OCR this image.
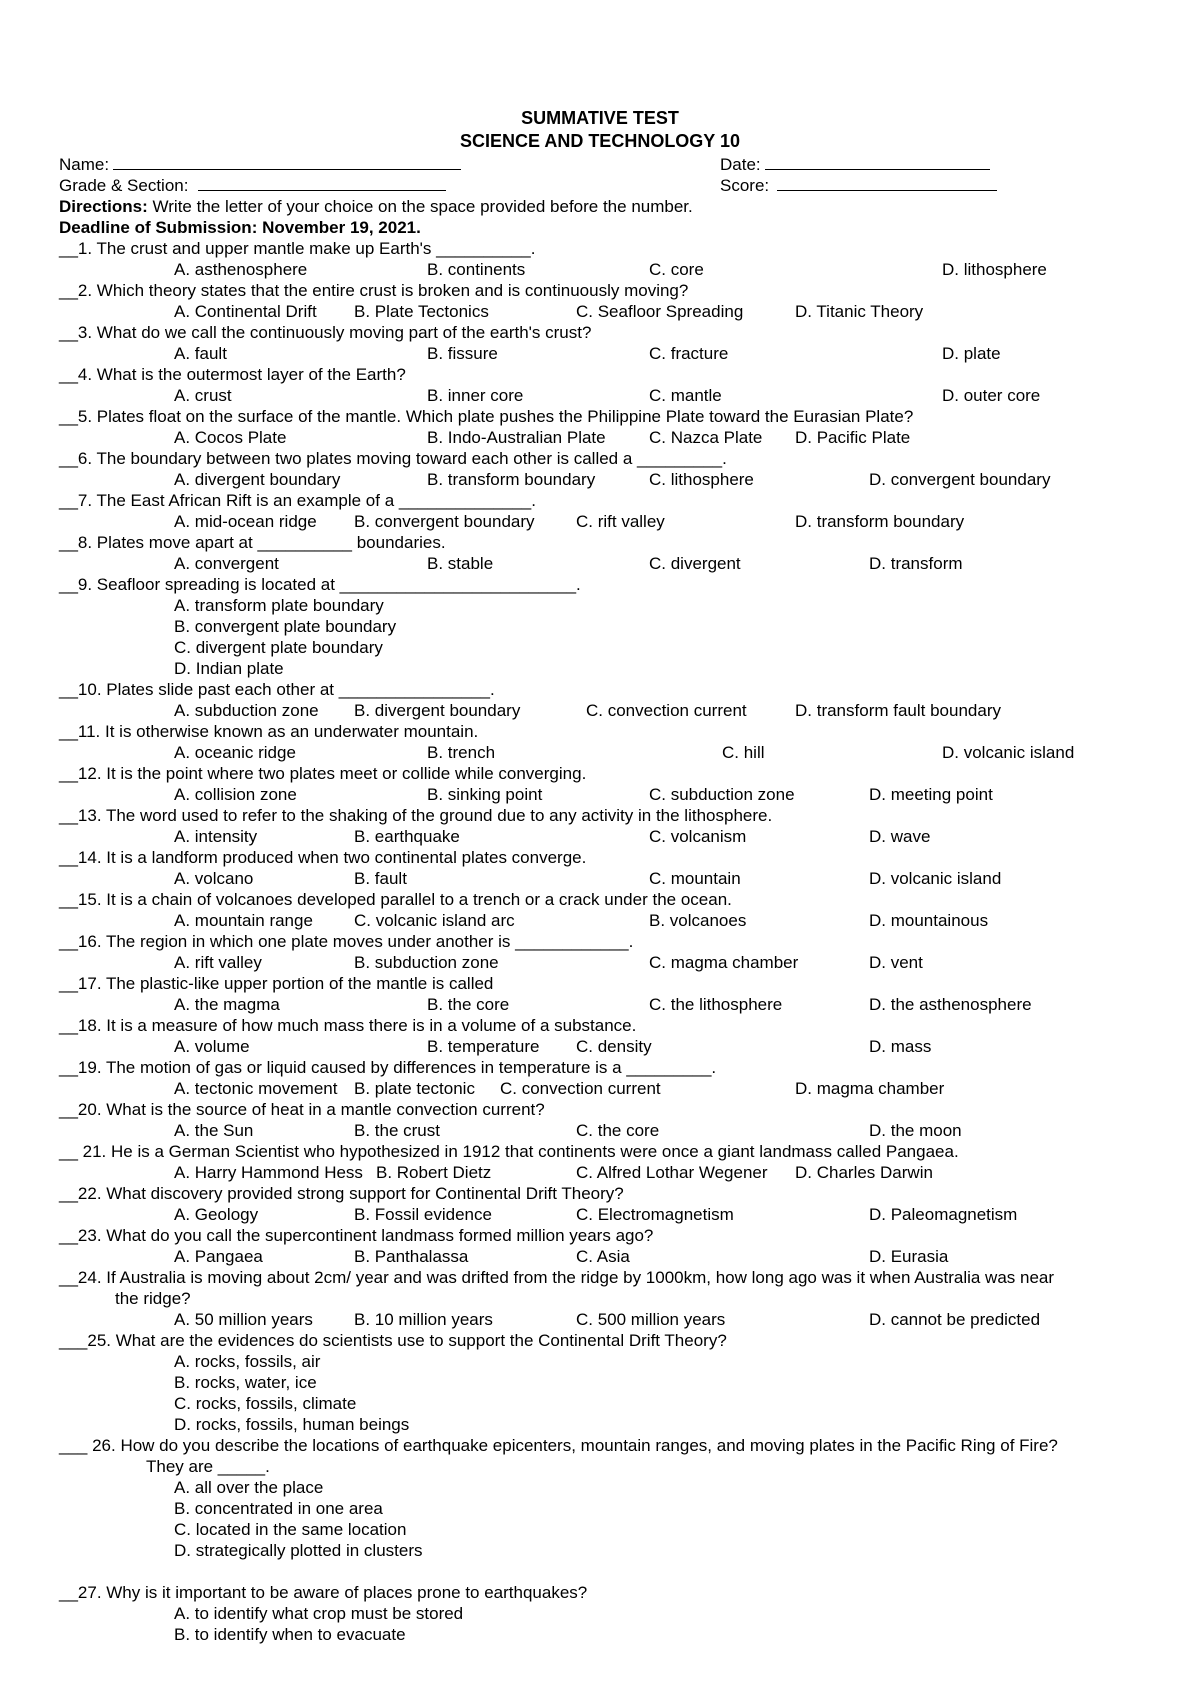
SUMMATIVE TEST
SCIENCE AND TECHNOLOGY 10
Name:	Date:
Grade & Section:	Score:
Directions: Write the letter of your choice on the space provided before the number.
Deadline of Submission: November 19, 2021.
__1. The crust and upper mantle make up Earth's __________.
A. asthenosphere	B. continents	C. core	D. lithosphere
__2. Which theory states that the entire crust is broken and is continuously moving?
A. Continental Drift B. Plate Tectonics	C. Seafloor Spreading	D. Titanic Theory
__3. What do we call the continuously moving part of the earth's crust?
A. fault	B. fissure	C. fracture	D. plate
__4. What is the outermost layer of the Earth?
A. crust	B. inner core	C. mantle	D. outer core
__5. Plates float on the surface of the mantle. Which plate pushes the Philippine Plate toward the Eurasian Plate?
A. Cocos Plate	B. Indo-Australian Plate	C. Nazca Plate D. Pacific Plate
__6. The boundary between two plates moving toward each other is called a _________.
A. divergent boundary	B. transform boundary	C. lithosphere	D. convergent boundary
__7. The East African Rift is an example of a ______________.
A. mid-ocean ridge B. convergent boundary C. rift valley	D. transform boundary
__8. Plates move apart at __________ boundaries.
A. convergent	B. stable	C. divergent	D. transform
__9. Seafloor spreading is located at _________________________.
A. transform plate boundary
B. convergent plate boundary
C. divergent plate boundary
D. Indian plate
__10. Plates slide past each other at ________________.
A. subduction zone B. divergent boundary	C. convection current	D. transform fault boundary
__11. It is otherwise known as an underwater mountain.
A. oceanic ridge	B. trench	C. hill	D. volcanic island
__12. It is the point where two plates meet or collide while converging.
A. collision zone	B. sinking point	C. subduction zone	D. meeting point
__13. The word used to refer to the shaking of the ground due to any activity in the lithosphere.
A. intensity	B. earthquake	C. volcanism	D. wave
__14. It is a landform produced when two continental plates converge.
A. volcano	B. fault	C. mountain	D. volcanic island
__15. It is a chain of volcanoes developed parallel to a trench or a crack under the ocean.
A. mountain range C. volcanic island arc	B. volcanoes	D. mountainous
__16. The region in which one plate moves under another is ____________.
A. rift valley	B. subduction zone	C. magma chamber	D. vent
__17. The plastic-like upper portion of the mantle is called
A. the magma	B. the core	C. the lithosphere	D. the asthenosphere
__18. It is a measure of how much mass there is in a volume of a substance.
A. volume	B. temperature C. density	D. mass
__19. The motion of gas or liquid caused by differences in temperature is a _________.
A. tectonic movement B. plate tectonic C. convection current	D. magma chamber
__20. What is the source of heat in a mantle convection current?
A. the Sun	B. the crust	C. the core	D. the moon
__ 21. He is a German Scientist who hypothesized in 1912 that continents were once a giant landmass called Pangaea.
A. Harry Hammond Hess B. Robert Dietz	C. Alfred Lothar Wegener D. Charles Darwin
__22. What discovery provided strong support for Continental Drift Theory?
A. Geology	B. Fossil evidence	C. Electromagnetism	D. Paleomagnetism
__23. What do you call the supercontinent landmass formed million years ago?
A. Pangaea	B. Panthalassa	C. Asia	D. Eurasia
__24. If Australia is moving about 2cm/ year and was drifted from the ridge by 1000km, how long ago was it when Australia was near
the ridge?
A. 50 million years B. 10 million years	C. 500 million years	D. cannot be predicted
___25. What are the evidences do scientists use to support the Continental Drift Theory?
A. rocks, fossils, air
B. rocks, water, ice
C. rocks, fossils, climate
D. rocks, fossils, human beings
___ 26. How do you describe the locations of earthquake epicenters, mountain ranges, and moving plates in the Pacific Ring of Fire?
They are _____.
A. all over the place
B. concentrated in one area
C. located in the same location
D. strategically plotted in clusters
__27. Why is it important to be aware of places prone to earthquakes?
A. to identify what crop must be stored
B. to identify when to evacuate
